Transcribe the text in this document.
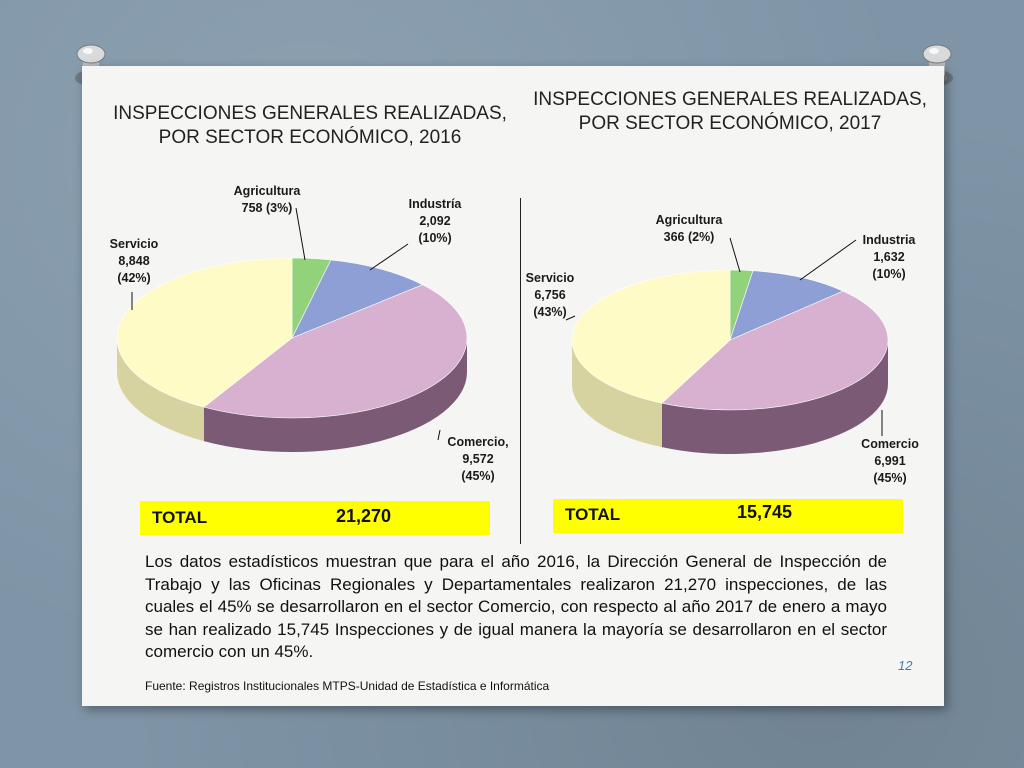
INSPECCIONES GENERALES REALIZADAS,
POR SECTOR ECONÓMICO, 2016
INSPECCIONES GENERALES REALIZADAS,
POR SECTOR ECONÓMICO, 2017
Agricultura
758 (3%)	Industría
2,092
(10%)
Comercio,
9,572
(45%)
Servicio
8,848
(42%)
Agricultura
366 (2%)	Industria
1,632
(10%)
Comercio
6,991
(45%)
Servicio
6,756
(43%)
TOTAL	21,270	TOTAL	15,745
Los datos estadísticos muestran que para el año 2016, la Dirección General de Inspección de Trabajo y las Oficinas Regionales y Departamentales realizaron 21,270 inspecciones, de las cuales el 45% se desarrollaron en el sector Comercio, con respecto al año 2017 de enero a mayo se han realizado 15,745 Inspecciones y de igual manera la mayoría se desarrollaron en el sector comercio con un 45%.
12
Fuente: Registros Institucionales MTPS-Unidad de Estadística e Informática
